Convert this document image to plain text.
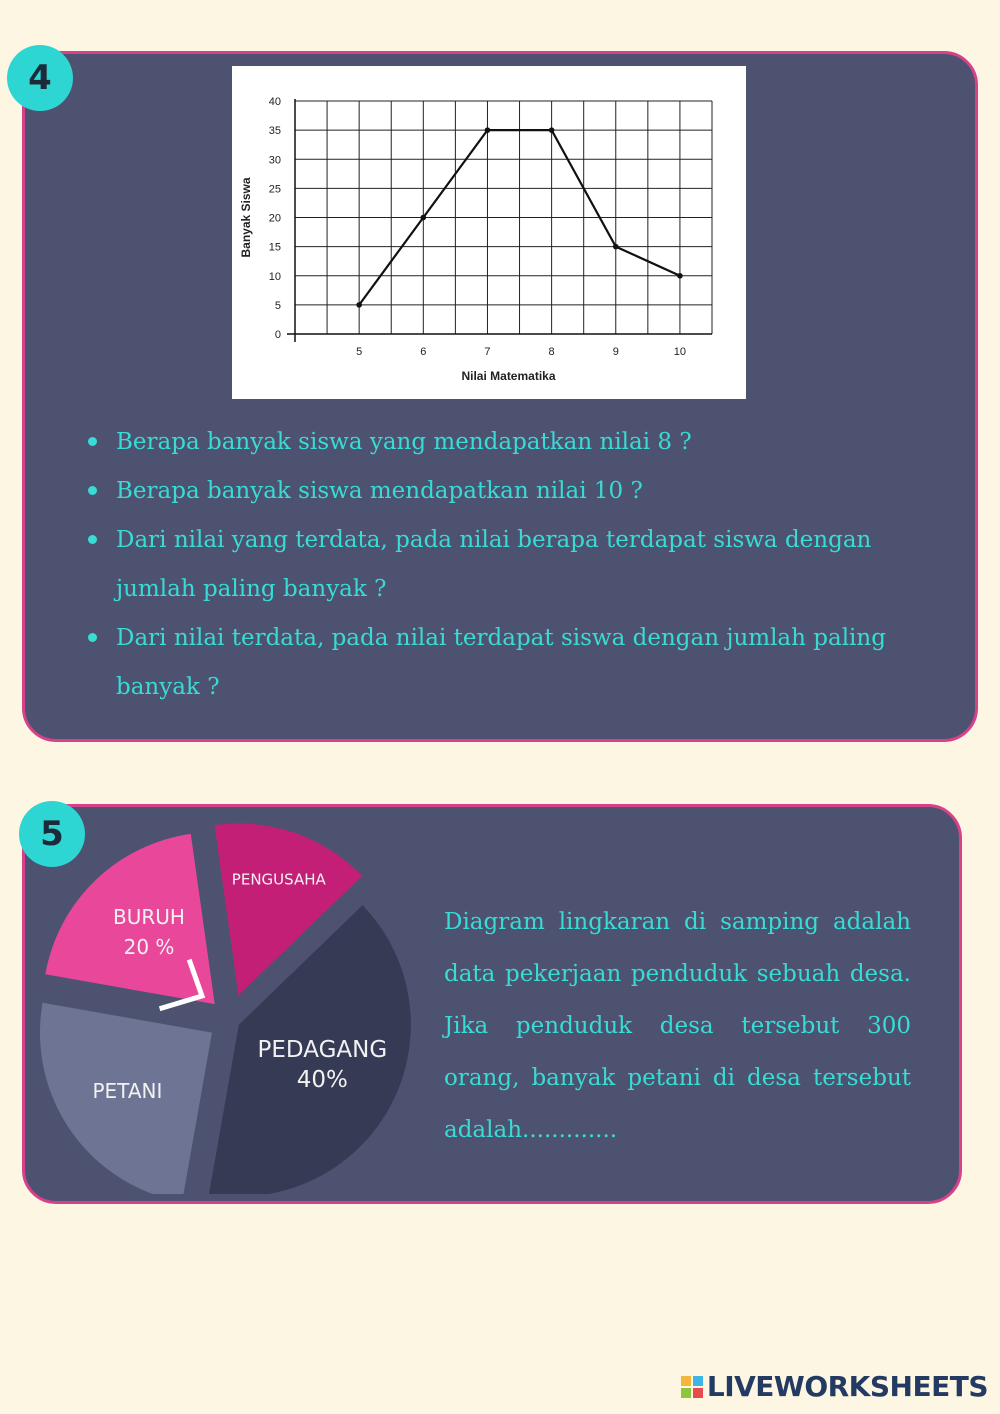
4
0
5
10
15
20
25
30
35
40
5	6	7	8	9	10
Nilai Matematika
Banyak Siswa
Berapa banyak siswa yang mendapatkan nilai 8 ?
Berapa banyak siswa mendapatkan nilai 10 ?
Dari nilai yang terdata, pada nilai berapa terdapat siswa dengan jumlah paling banyak ?
Dari nilai terdata, pada nilai terdapat siswa dengan jumlah paling banyak ?
5
BURUH
20 %
PENGUSAHA
PEDAGANG
40%
PETANI
Diagram lingkaran di samping adalah data pekerjaan penduduk sebuah desa. Jika penduduk desa tersebut 300 orang, banyak petani di desa tersebut adalah.............
LIVEWORKSHEETS
